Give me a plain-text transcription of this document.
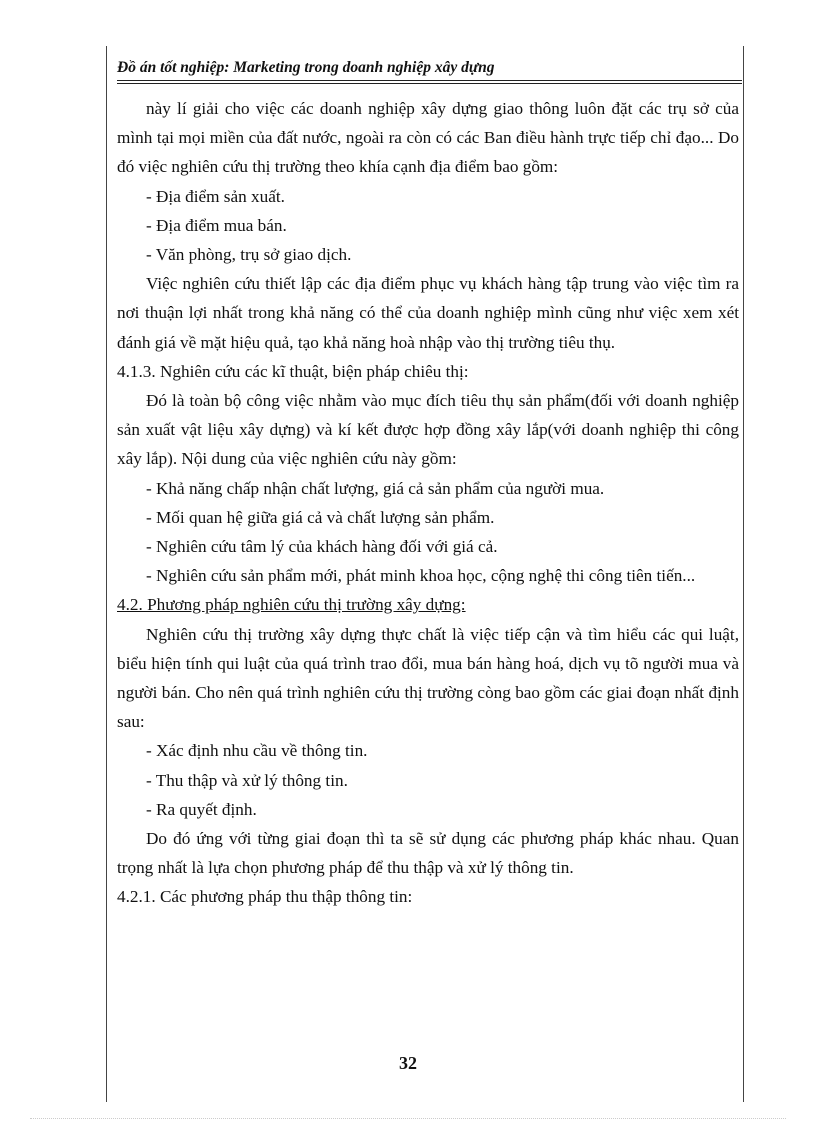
Đồ án tốt nghiệp: Marketing trong doanh nghiệp xây dựng

này lí giải cho việc các doanh nghiệp xây dựng giao thông luôn đặt các trụ sở của mình tại mọi miền của đất nước, ngoài ra còn có các Ban điều hành trực tiếp chỉ đạo... Do đó việc nghiên cứu thị trường theo khía cạnh địa điểm bao gồm:

- Địa điểm sản xuất.

- Địa điểm mua bán.

- Văn phòng, trụ sở giao dịch.

Việc nghiên cứu thiết lập các địa điểm phục vụ khách hàng tập trung vào việc tìm ra nơi thuận lợi nhất trong khả năng có thể của doanh nghiệp mình cũng như việc xem xét đánh giá về mặt hiệu quả, tạo khả năng hoà nhập vào thị trường tiêu thụ.

4.1.3. Nghiên cứu các kĩ thuật, biện pháp chiêu thị:

Đó là toàn bộ công việc nhằm vào mục đích tiêu thụ sản phẩm(đối với doanh nghiệp sản xuất vật liệu xây dựng) và kí kết được hợp đồng xây lắp(với doanh nghiệp thi công xây lắp). Nội dung của việc nghiên cứu này gồm:

- Khả năng chấp nhận chất lượng, giá cả sản phẩm của người mua.

- Mối quan hệ giữa giá cả và chất lượng sản phẩm.

- Nghiên cứu tâm lý của khách hàng đối với giá cả.

- Nghiên cứu sản phẩm mới, phát minh khoa học, cộng nghệ thi công tiên tiến...

4.2. Phương pháp nghiên cứu thị trường xây dựng:

Nghiên cứu thị trường xây dựng thực chất là việc tiếp cận và tìm hiểu các qui luật, biểu hiện tính qui luật của quá trình trao đổi, mua bán hàng hoá, dịch vụ tõ người mua và người bán. Cho nên quá trình nghiên cứu thị trường còng bao gồm các giai đoạn nhất định sau:

- Xác định nhu cầu về thông tin.

- Thu thập và xử lý thông tin.

- Ra quyết định.

Do đó ứng với từng giai đoạn thì ta sẽ sử dụng các phương pháp khác nhau. Quan trọng nhất là lựa chọn phương pháp để thu thập và xử lý thông tin.

4.2.1. Các phương pháp thu thập thông tin:

32
